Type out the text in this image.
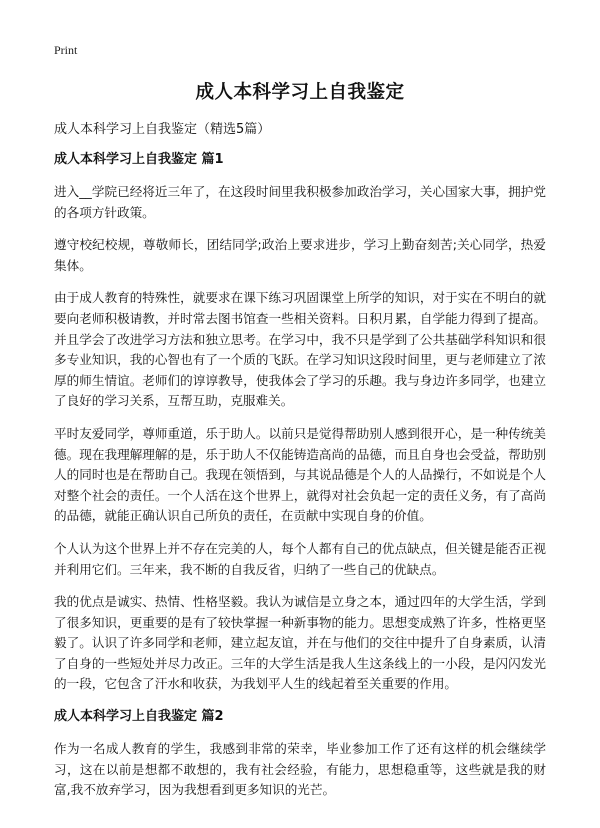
Print
成人本科学习上自我鉴定
成人本科学习上自我鉴定（精选5篇）
成人本科学习上自我鉴定 篇1

进入__学院已经将近三年了，在这段时间里我积极参加政治学习，关心国家大事，拥护党的各项方针政策。

遵守校纪校规，尊敬师长，团结同学;政治上要求进步，学习上勤奋刻苦;关心同学，热爱集体。

由于成人教育的特殊性，就要求在课下练习巩固课堂上所学的知识，对于实在不明白的就要向老师积极请教，并时常去图书馆查一些相关资料。日积月累，自学能力得到了提高。并且学会了改进学习方法和独立思考。在学习中，我不只是学到了公共基础学科知识和很多专业知识，我的心智也有了一个质的飞跃。在学习知识这段时间里，更与老师建立了浓厚的师生情谊。老师们的谆谆教导，使我体会了学习的乐趣。我与身边许多同学，也建立了良好的学习关系，互帮互助，克服难关。

平时友爱同学，尊师重道，乐于助人。以前只是觉得帮助别人感到很开心，是一种传统美德。现在我理解理解的是，乐于助人不仅能铸造高尚的品德，而且自身也会受益，帮助别人的同时也是在帮助自己。我现在领悟到，与其说品德是个人的人品操行，不如说是个人对整个社会的责任。一个人活在这个世界上，就得对社会负起一定的责任义务，有了高尚的品德，就能正确认识自己所负的责任，在贡献中实现自身的价值。

个人认为这个世界上并不存在完美的人，每个人都有自己的优点缺点，但关键是能否正视并利用它们。三年来，我不断的自我反省，归纳了一些自己的优缺点。

我的优点是诚实、热情、性格坚毅。我认为诚信是立身之本，通过四年的大学生活，学到了很多知识，更重要的是有了较快掌握一种新事物的能力。思想变成熟了许多，性格更坚毅了。认识了许多同学和老师，建立起友谊，并在与他们的交往中提升了自身素质，认清了自身的一些短处并尽力改正。三年的大学生活是我人生这条线上的一小段，是闪闪发光的一段，它包含了汗水和收获，为我划平人生的线起着至关重要的作用。

成人本科学习上自我鉴定 篇2

作为一名成人教育的学生，我感到非常的荣幸，毕业参加工作了还有这样的机会继续学习，这在以前是想都不敢想的，我有社会经验，有能力，思想稳重等，这些就是我的财富,我不放弃学习，因为我想看到更多知识的光芒。
